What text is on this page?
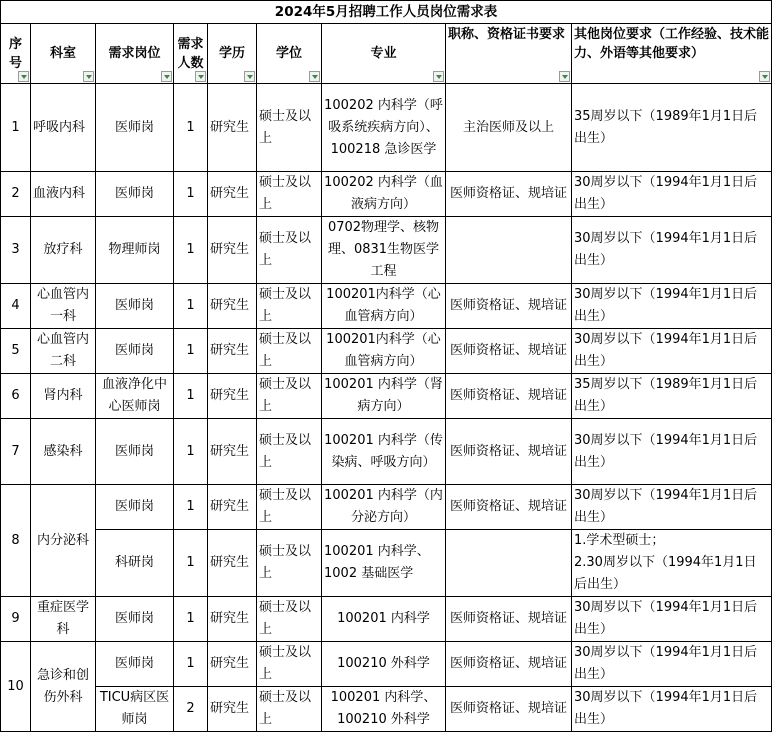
2024年5月招聘工作人员岗位需求表								
序号	科室	需求岗位	需求人数	学历	学位	专业	职称、资格证书要求	其他岗位要求（工作经验、技术能力、外语等其他要求）

1	呼吸内科	医师岗	1	研究生	硕士及以上	100202 内科学（呼吸系统疾病方向）、100218 急诊医学	主治医师及以上	35周岁以下（1989年1月1日后出生）
2	血液内科	医师岗	1	研究生	硕士及以上	100202 内科学（血液病方向）	医师资格证、规培证	30周岁以下（1994年1月1日后出生）
3	放疗科	物理师岗	1	研究生	硕士及以上	0702物理学、核物理、0831生物医学工程		30周岁以下（1994年1月1日后出生）
4	心血管内一科	医师岗	1	研究生	硕士及以上	100201内科学（心血管病方向）	医师资格证、规培证	30周岁以下（1994年1月1日后出生）
5	心血管内二科	医师岗	1	研究生	硕士及以上	100201内科学（心血管病方向）	医师资格证、规培证	30周岁以下（1994年1月1日后出生）
6	肾内科	血液净化中心医师岗	1	研究生	硕士及以上	100201 内科学（肾病方向）	医师资格证、规培证	35周岁以下（1989年1月1日后出生）
7	感染科	医师岗	1	研究生	硕士及以上	100201 内科学（传染病、呼吸方向）	医师资格证、规培证	30周岁以下（1994年1月1日后出生）
8	内分泌科	医师岗	1	研究生	硕士及以上	100201 内科学（内分泌方向）	医师资格证、规培证	30周岁以下（1994年1月1日后出生）
		科研岗	1	研究生	硕士及以上	100201 内科学、1002 基础医学		1.学术型硕士；
2.30周岁以下（1994年1月1日后出生）

9	重症医学科	医师岗	1	研究生	硕士及以上	100201 内科学	医师资格证、规培证	30周岁以下（1994年1月1日后出生）
10	急诊和创伤外科	医师岗	1	研究生	硕士及以上	100210 外科学	医师资格证、规培证	30周岁以下（1994年1月1日后出生）
		TICU病区医师岗	2	研究生	硕士及以上	100201 内科学、100210 外科学	医师资格证、规培证	30周岁以下（1994年1月1日后出生）
